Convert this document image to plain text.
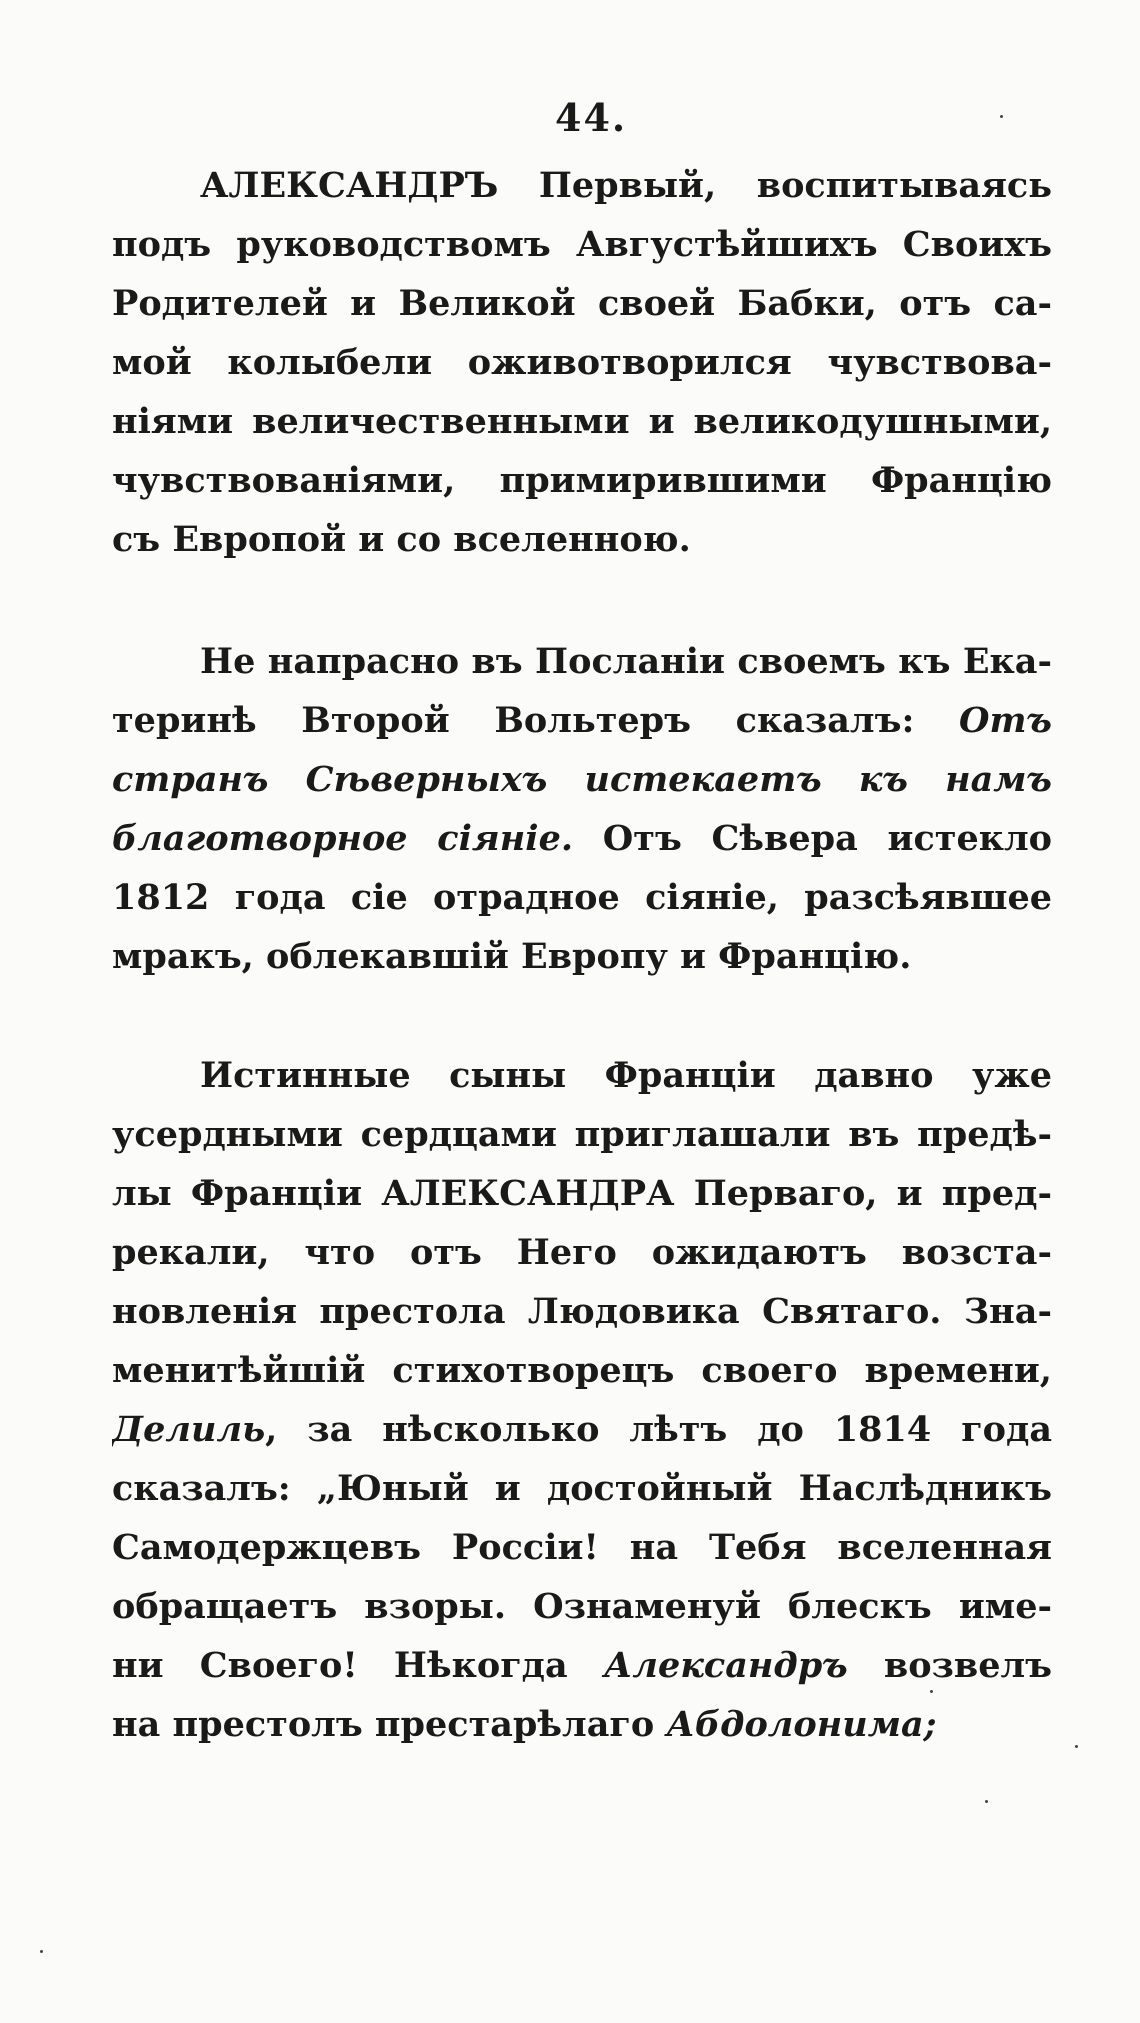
44.
АЛЕКСАНДРЪ Первый, воспитываясь
подъ руководствомъ Августѣйшихъ Своихъ
Родителей и Великой своей Бабки, отъ са-
мой колыбели оживотворился чувствова-
ніями величественными и великодушными,
чувствованіями, примирившими Францію
съ Европой и со вселенною.
Не напрасно въ Посланіи своемъ къ Ека-
теринѣ Второй Вольтеръ сказалъ: Отъ
странъ Сѣверныхъ истекаетъ къ намъ
благотворное сіяніе. Отъ Сѣвера истекло
1812 года сіе отрадное сіяніе, разсѣявшее
мракъ, облекавшій Европу и Францію.
Истинные сыны Франціи давно уже
усердными сердцами приглашали въ предѣ-
лы Франціи АЛЕКСАНДРА Перваго, и пред-
рекали, что отъ Него ожидаютъ возста-
новленія престола Людовика Святаго. Зна-
менитѣйшій стихотворецъ своего времени,
Делиль, за нѣсколько лѣтъ до 1814 года
сказалъ: „Юный и достойный Наслѣдникъ
Самодержцевъ Россіи! на Тебя вселенная
обращаетъ взоры. Ознаменуй блескъ име-
ни Своего! Нѣкогда Александръ возвелъ
на престолъ престарѣлаго Абдолонима;
